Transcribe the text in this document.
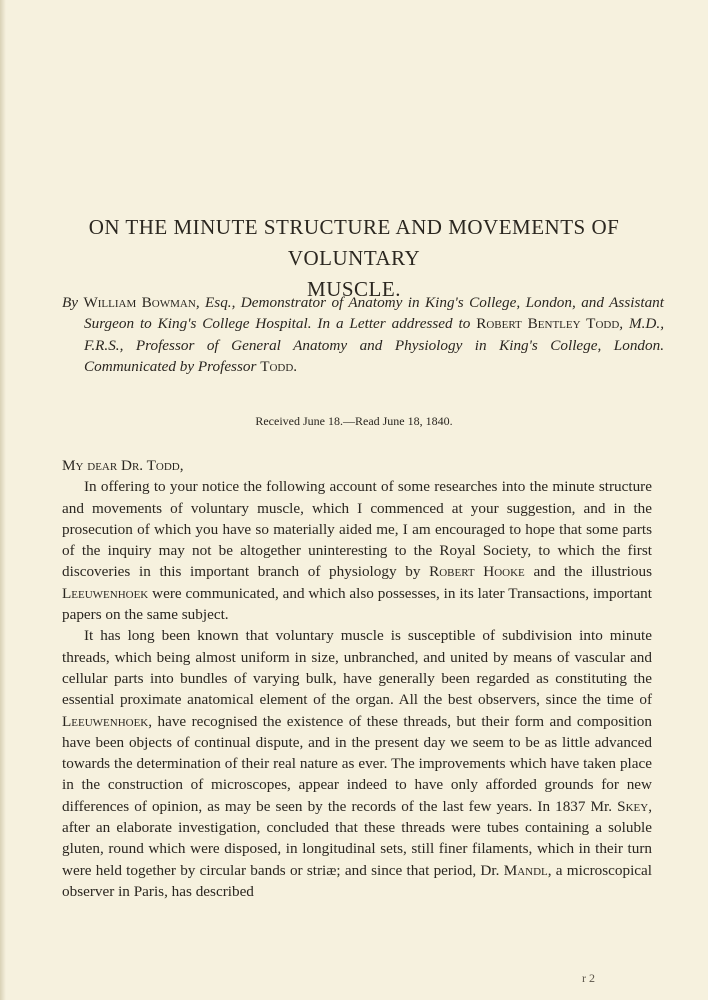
ON THE MINUTE STRUCTURE AND MOVEMENTS OF VOLUNTARY
MUSCLE.
By William Bowman, Esq., Demonstrator of Anatomy in King's College, London, and Assistant Surgeon to King's College Hospital. In a Letter addressed to Robert Bentley Todd, M.D., F.R.S., Professor of General Anatomy and Physiology in King's College, London. Communicated by Professor Todd.
Received June 18.—Read June 18, 1840.

My dear Dr. Todd,

In offering to your notice the following account of some researches into the minute structure and movements of voluntary muscle, which I commenced at your suggestion, and in the prosecution of which you have so materially aided me, I am encouraged to hope that some parts of the inquiry may not be altogether uninteresting to the Royal Society, to which the first discoveries in this important branch of physiology by Robert Hooke and the illustrious Leeuwenhoek were communicated, and which also possesses, in its later Transactions, important papers on the same subject.

It has long been known that voluntary muscle is susceptible of subdivision into minute threads, which being almost uniform in size, unbranched, and united by means of vascular and cellular parts into bundles of varying bulk, have generally been regarded as constituting the essential proximate anatomical element of the organ. All the best observers, since the time of Leeuwenhoek, have recognised the existence of these threads, but their form and composition have been objects of continual dispute, and in the present day we seem to be as little advanced towards the determination of their real nature as ever. The improvements which have taken place in the construction of microscopes, appear indeed to have only afforded grounds for new differences of opinion, as may be seen by the records of the last few years. In 1837 Mr. Skey, after an elaborate investigation, concluded that these threads were tubes containing a soluble gluten, round which were disposed, in longitudinal sets, still finer filaments, which in their turn were held together by circular bands or striæ; and since that period, Dr. Mandl, a microscopical observer in Paris, has described

r 2
